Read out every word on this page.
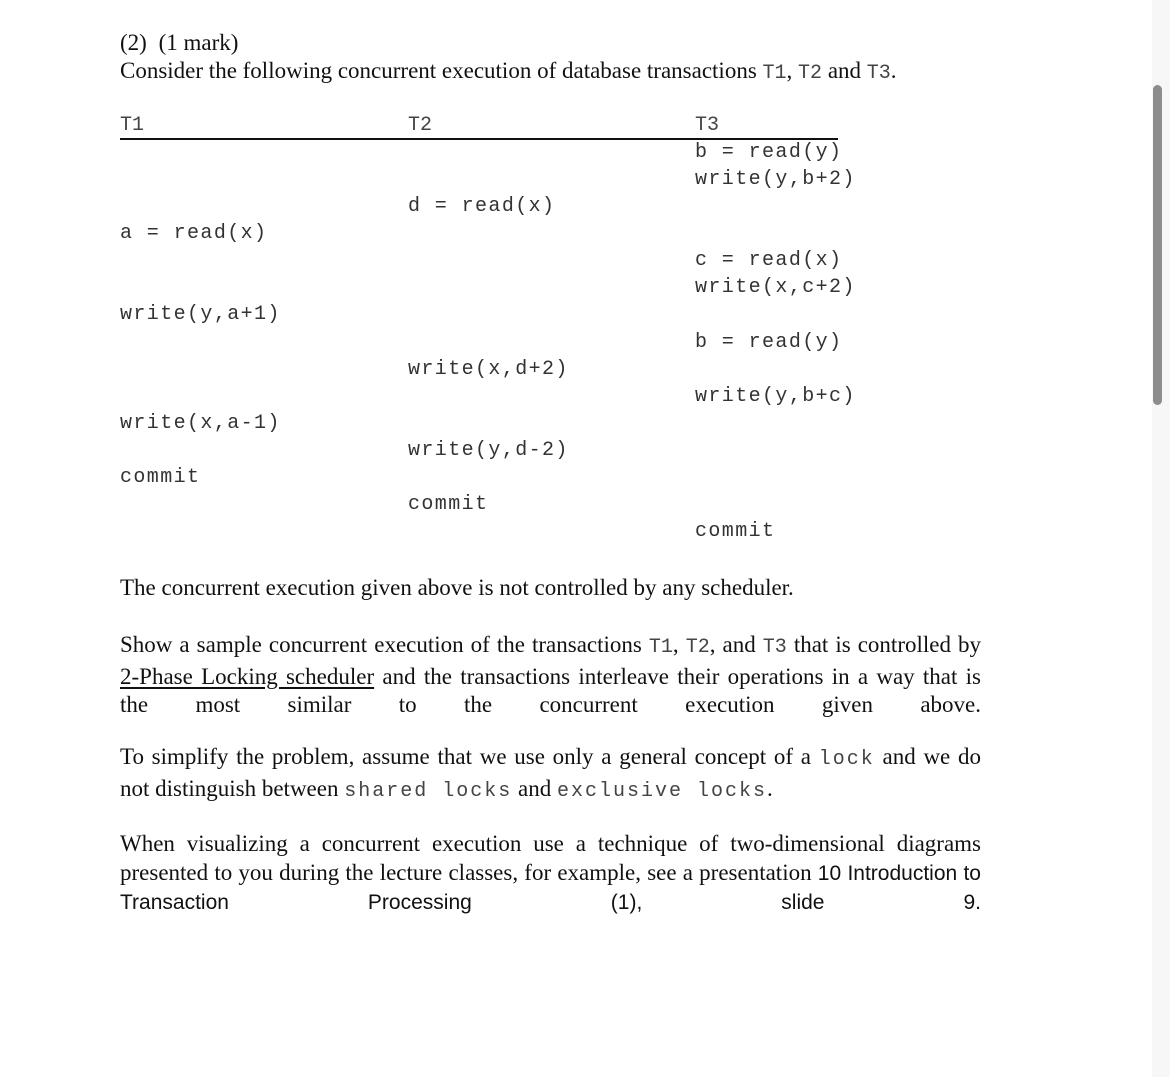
(2) (1 mark)
Consider the following concurrent execution of database transactions T1, T2 and T3.
T1	T2	T3
b = read(y)
write(y,b+2)
d = read(x)
a = read(x)
c = read(x)
write(x,c+2)
write(y,a+1)
b = read(y)
write(x,d+2)
write(y,b+c)
write(x,a-1)
write(y,d-2)
commit
commit
commit
The concurrent execution given above is not controlled by any scheduler.
Show a sample concurrent execution of the transactions T1, T2, and T3 that is controlled by 2-Phase Locking scheduler and the transactions interleave their operations in a way that is the most similar to the concurrent execution given above.
To simplify the problem, assume that we use only a general concept of a lock and we do not distinguish between shared locks and exclusive locks.
When visualizing a concurrent execution use a technique of two-dimensional diagrams presented to you during the lecture classes, for example, see a presentation 10 Introduction to Transaction Processing (1), slide 9.
